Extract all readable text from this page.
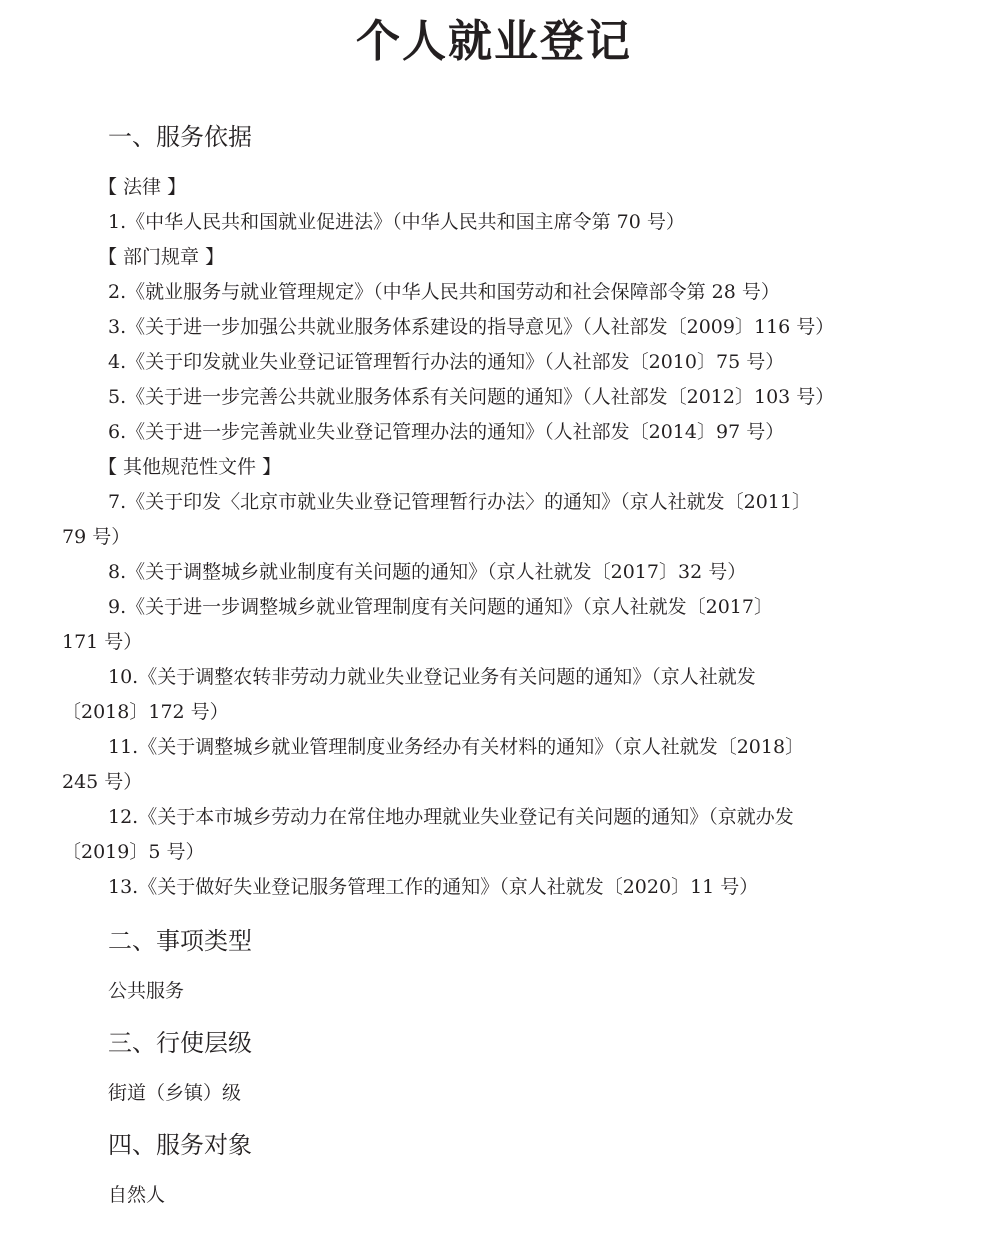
个人就业登记
一、服务依据
【 法律 】
1.《中华人民共和国就业促进法》（中华人民共和国主席令第 70 号）
【 部门规章 】
2.《就业服务与就业管理规定》（中华人民共和国劳动和社会保障部令第 28 号）
3.《关于进一步加强公共就业服务体系建设的指导意见》（人社部发〔2009〕116 号）
4.《关于印发就业失业登记证管理暂行办法的通知》（人社部发〔2010〕75 号）
5.《关于进一步完善公共就业服务体系有关问题的通知》（人社部发〔2012〕103 号）
6.《关于进一步完善就业失业登记管理办法的通知》（人社部发〔2014〕97 号）
【 其他规范性文件 】
7.《关于印发〈北京市就业失业登记管理暂行办法〉的通知》（京人社就发〔2011〕
79 号）
8.《关于调整城乡就业制度有关问题的通知》（京人社就发〔2017〕32 号）
9.《关于进一步调整城乡就业管理制度有关问题的通知》（京人社就发〔2017〕
171 号）
10.《关于调整农转非劳动力就业失业登记业务有关问题的通知》（京人社就发
〔2018〕172 号）
11.《关于调整城乡就业管理制度业务经办有关材料的通知》（京人社就发〔2018〕
245 号）
12.《关于本市城乡劳动力在常住地办理就业失业登记有关问题的通知》（京就办发
〔2019〕5 号）
13.《关于做好失业登记服务管理工作的通知》（京人社就发〔2020〕11 号）
二、事项类型
公共服务
三、行使层级
街道（乡镇）级
四、服务对象
自然人
